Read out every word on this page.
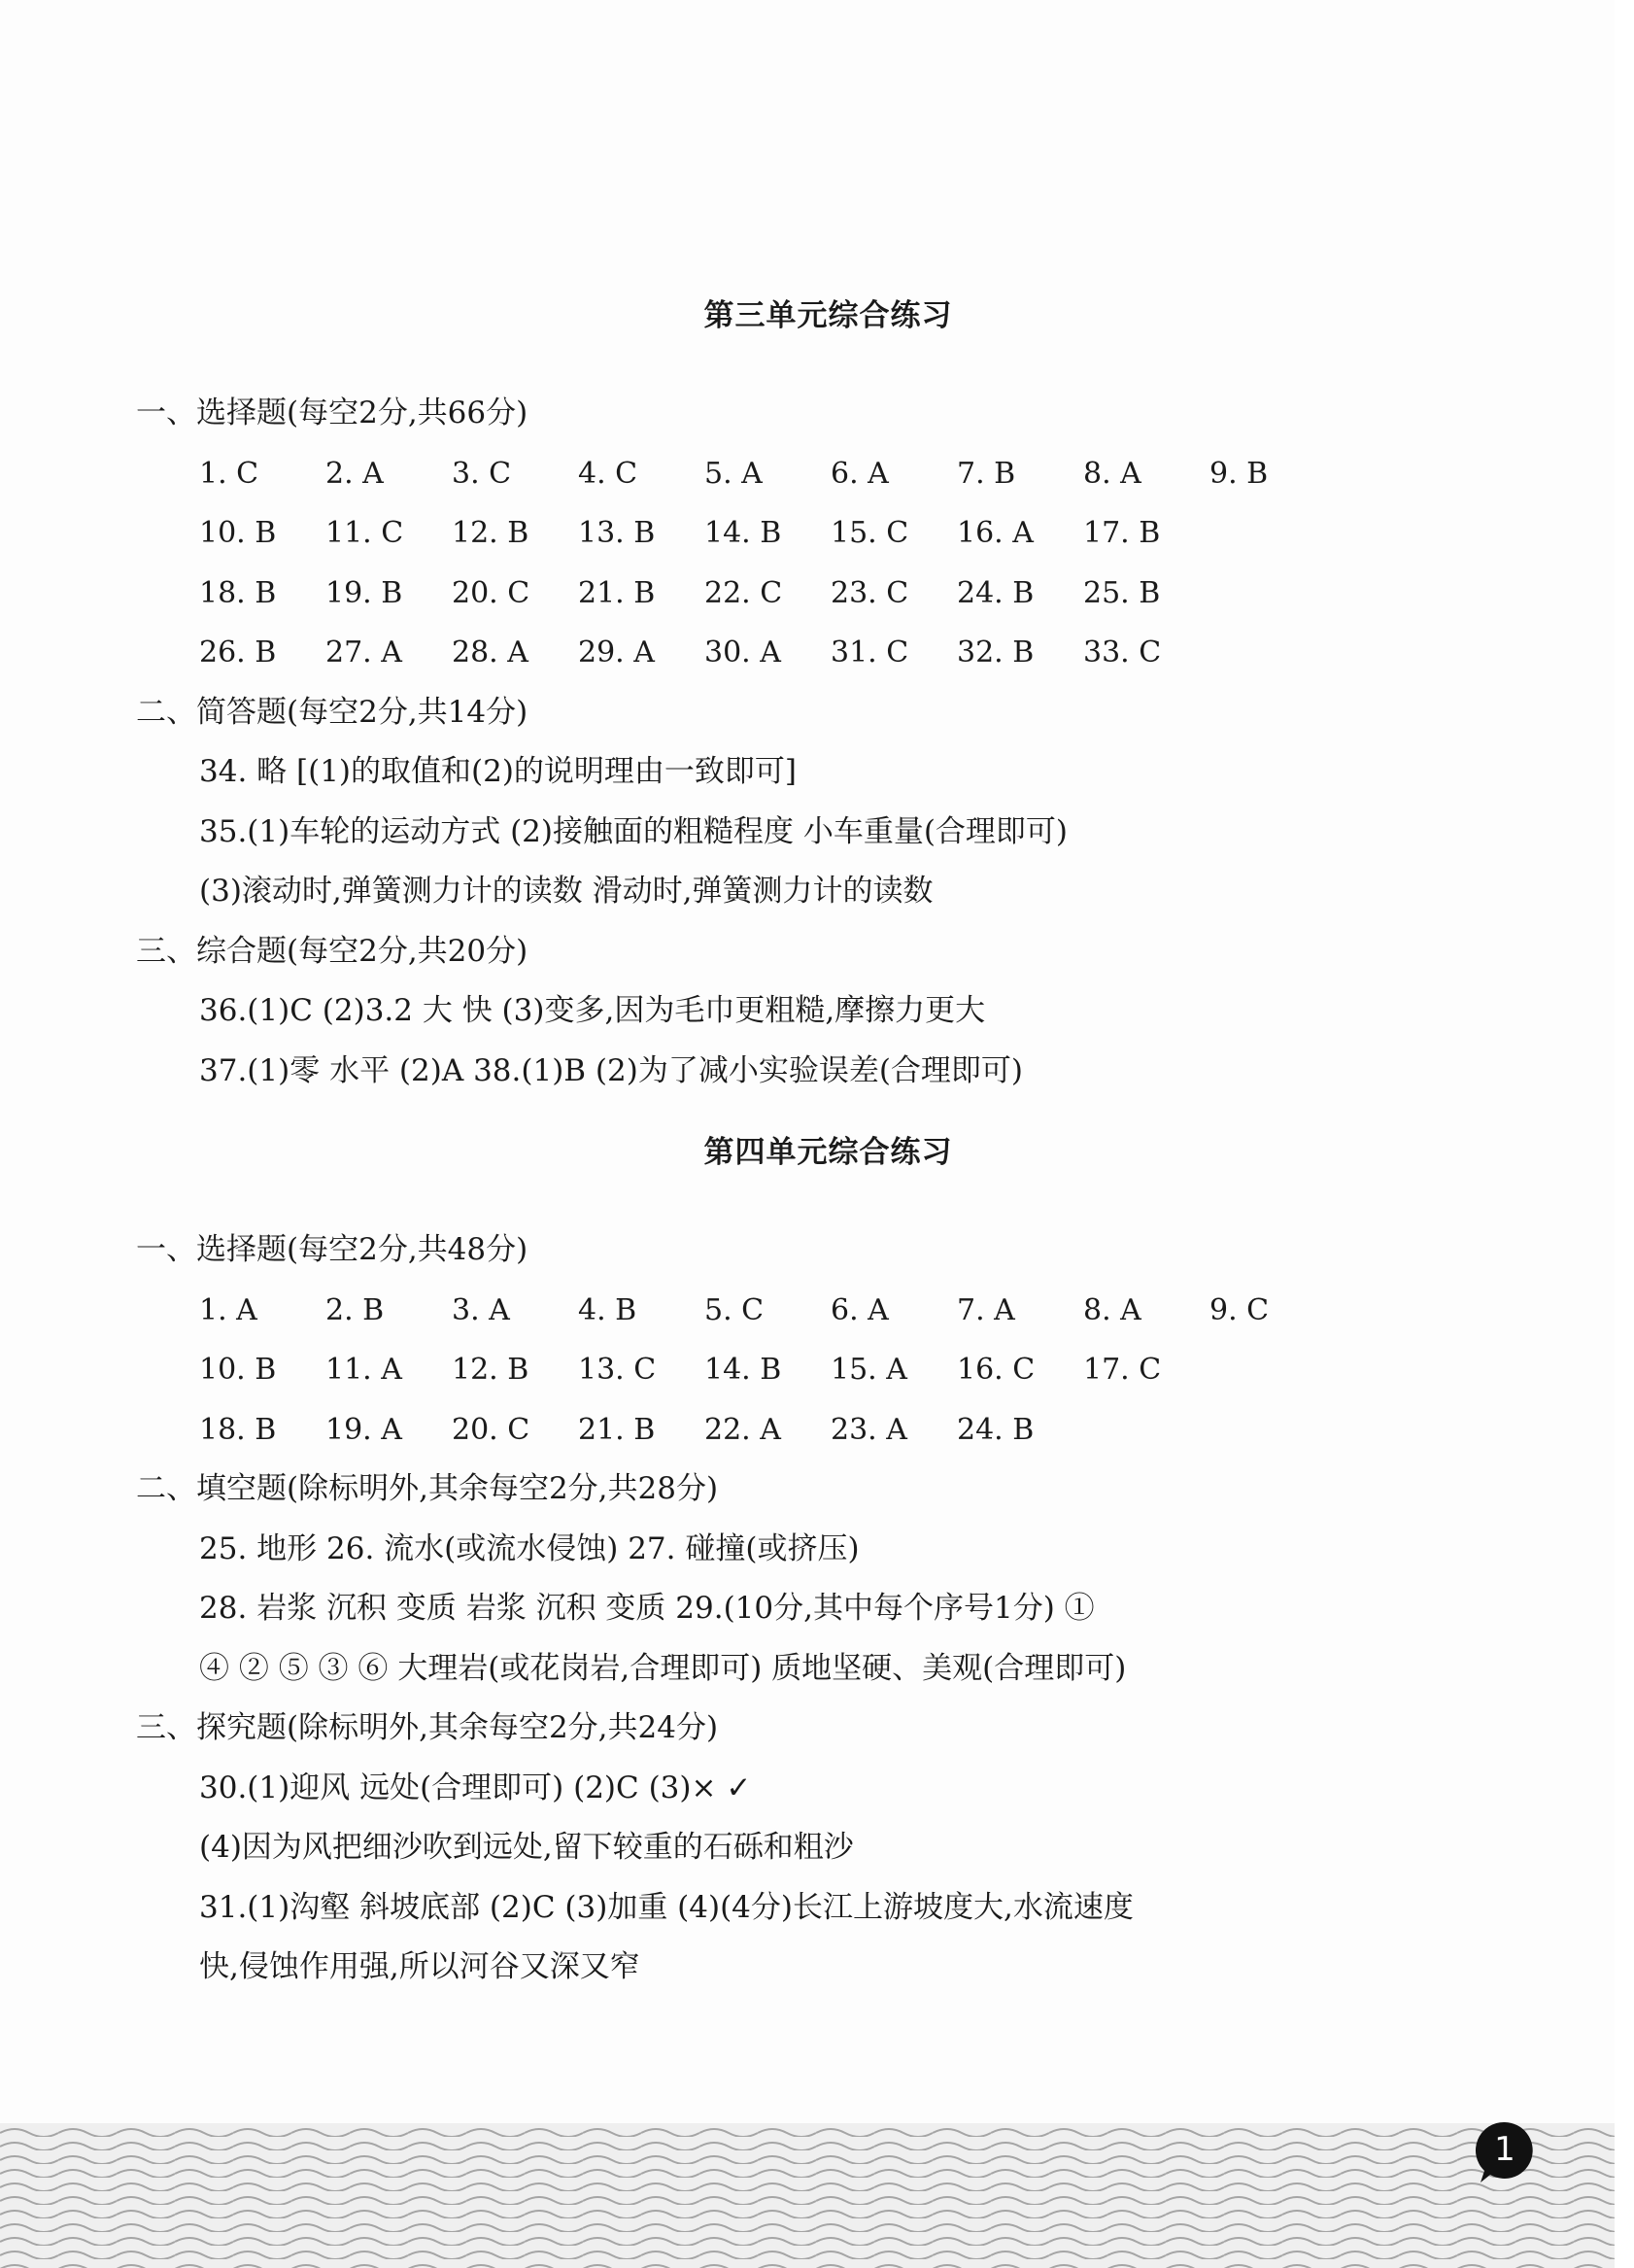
第三单元综合练习
一、选择题(每空2分,共66分)
1. C	2. A	3. C	4. C	5. A	6. A	7. B	8. A	9. B
10. B	11. C	12. B	13. B	14. B	15. C	16. A	17. B
18. B	19. B	20. C	21. B	22. C	23. C	24. B	25. B
26. B	27. A	28. A	29. A	30. A	31. C	32. B	33. C
二、简答题(每空2分,共14分)
34. 略 [(1)的取值和(2)的说明理由一致即可]
35.(1)车轮的运动方式 (2)接触面的粗糙程度 小车重量(合理即可)
(3)滚动时,弹簧测力计的读数 滑动时,弹簧测力计的读数
三、综合题(每空2分,共20分)
36.(1)C (2)3.2 大 快 (3)变多,因为毛巾更粗糙,摩擦力更大
37.(1)零 水平 (2)A 38.(1)B (2)为了减小实验误差(合理即可)
第四单元综合练习
一、选择题(每空2分,共48分)
1. A	2. B	3. A	4. B	5. C	6. A	7. A	8. A	9. C
10. B	11. A	12. B	13. C	14. B	15. A	16. C	17. C
18. B	19. A	20. C	21. B	22. A	23. A	24. B
二、填空题(除标明外,其余每空2分,共28分)
25. 地形 26. 流水(或流水侵蚀) 27. 碰撞(或挤压)
28. 岩浆 沉积 变质 岩浆 沉积 变质 29.(10分,其中每个序号1分) ①
④ ② ⑤ ③ ⑥ 大理岩(或花岗岩,合理即可) 质地坚硬、美观(合理即可)
三、探究题(除标明外,其余每空2分,共24分)
30.(1)迎风 远处(合理即可) (2)C (3)× ✓
(4)因为风把细沙吹到远处,留下较重的石砾和粗沙
31.(1)沟壑 斜坡底部 (2)C (3)加重 (4)(4分)长江上游坡度大,水流速度
快,侵蚀作用强,所以河谷又深又窄
1
